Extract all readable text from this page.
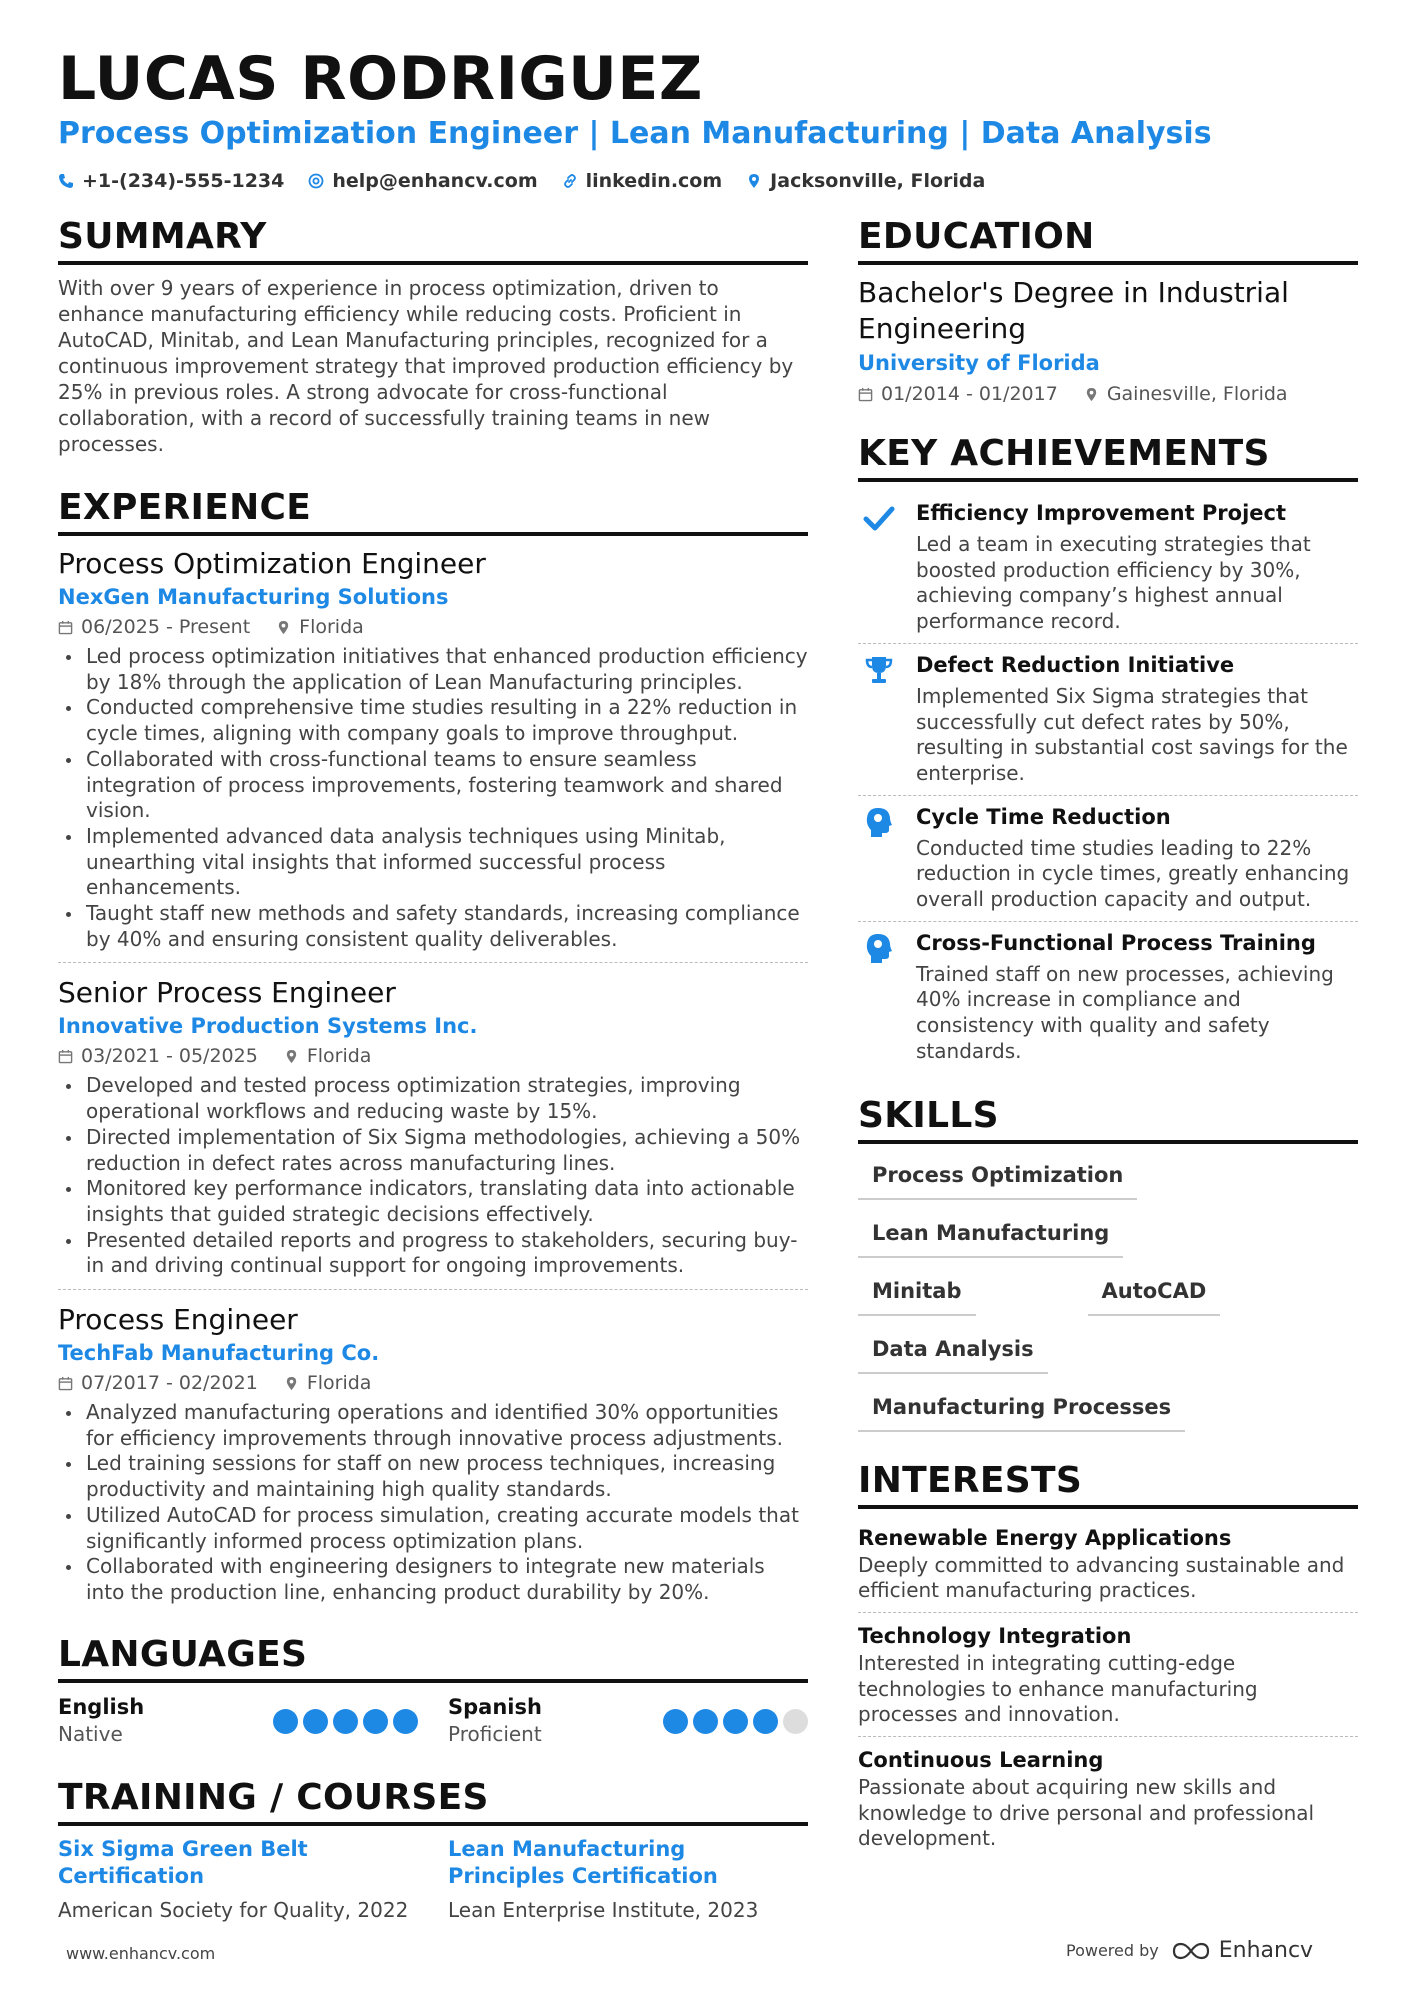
LUCAS RODRIGUEZ
Process Optimization Engineer | Lean Manufacturing | Data Analysis
+1-(234)-555-1234	help@enhancv.com	linkedin.com	Jacksonville, Florida
SUMMARY

With over 9 years of experience in process optimization, driven to enhance manufacturing efficiency while reducing costs. Proficient in AutoCAD, Minitab, and Lean Manufacturing principles, recognized for a continuous improvement strategy that improved production efficiency by 25% in previous roles. A strong advocate for cross-functional collaboration, with a record of successfully training teams in new processes.

EXPERIENCE
Process Optimization Engineer
NexGen Manufacturing Solutions
06/2025 - Present	Florida
Led process optimization initiatives that enhanced production efficiency by 18% through the application of Lean Manufacturing principles.
Conducted comprehensive time studies resulting in a 22% reduction in cycle times, aligning with company goals to improve throughput.
Collaborated with cross-functional teams to ensure seamless integration of process improvements, fostering teamwork and shared vision.
Implemented advanced data analysis techniques using Minitab, unearthing vital insights that informed successful process enhancements.
Taught staff new methods and safety standards, increasing compliance by 40% and ensuring consistent quality deliverables.
Senior Process Engineer
Innovative Production Systems Inc.
03/2021 - 05/2025	Florida
Developed and tested process optimization strategies, improving operational workflows and reducing waste by 15%.
Directed implementation of Six Sigma methodologies, achieving a 50% reduction in defect rates across manufacturing lines.
Monitored key performance indicators, translating data into actionable insights that guided strategic decisions effectively.
Presented detailed reports and progress to stakeholders, securing buy-in and driving continual support for ongoing improvements.
Process Engineer
TechFab Manufacturing Co.
07/2017 - 02/2021	Florida
Analyzed manufacturing operations and identified 30% opportunities for efficiency improvements through innovative process adjustments.
Led training sessions for staff on new process techniques, increasing productivity and maintaining high quality standards.
Utilized AutoCAD for process simulation, creating accurate models that significantly informed process optimization plans.
Collaborated with engineering designers to integrate new materials into the production line, enhancing product durability by 20%.
LANGUAGES
English
Native
Spanish
Proficient
TRAINING / COURSES
Six Sigma Green Belt Certification
American Society for Quality, 2022
Lean Manufacturing Principles Certification
Lean Enterprise Institute, 2023
EDUCATION
Bachelor's Degree in Industrial Engineering
University of Florida
01/2014 - 01/2017	Gainesville, Florida
KEY ACHIEVEMENTS
Efficiency Improvement Project
Led a team in executing strategies that boosted production efficiency by 30%, achieving company’s highest annual performance record.
Defect Reduction Initiative
Implemented Six Sigma strategies that successfully cut defect rates by 50%, resulting in substantial cost savings for the enterprise.
Cycle Time Reduction
Conducted time studies leading to 22% reduction in cycle times, greatly enhancing overall production capacity and output.
Cross-Functional Process Training
Trained staff on new processes, achieving 40% increase in compliance and consistency with quality and safety standards.
SKILLS
Process Optimization
Lean Manufacturing
Minitab	AutoCAD
Data Analysis
Manufacturing Processes
INTERESTS
Renewable Energy Applications
Deeply committed to advancing sustainable and efficient manufacturing practices.
Technology Integration
Interested in integrating cutting-edge technologies to enhance manufacturing processes and innovation.
Continuous Learning
Passionate about acquiring new skills and knowledge to drive personal and professional development.
www.enhancv.com	Powered by	Enhancv
